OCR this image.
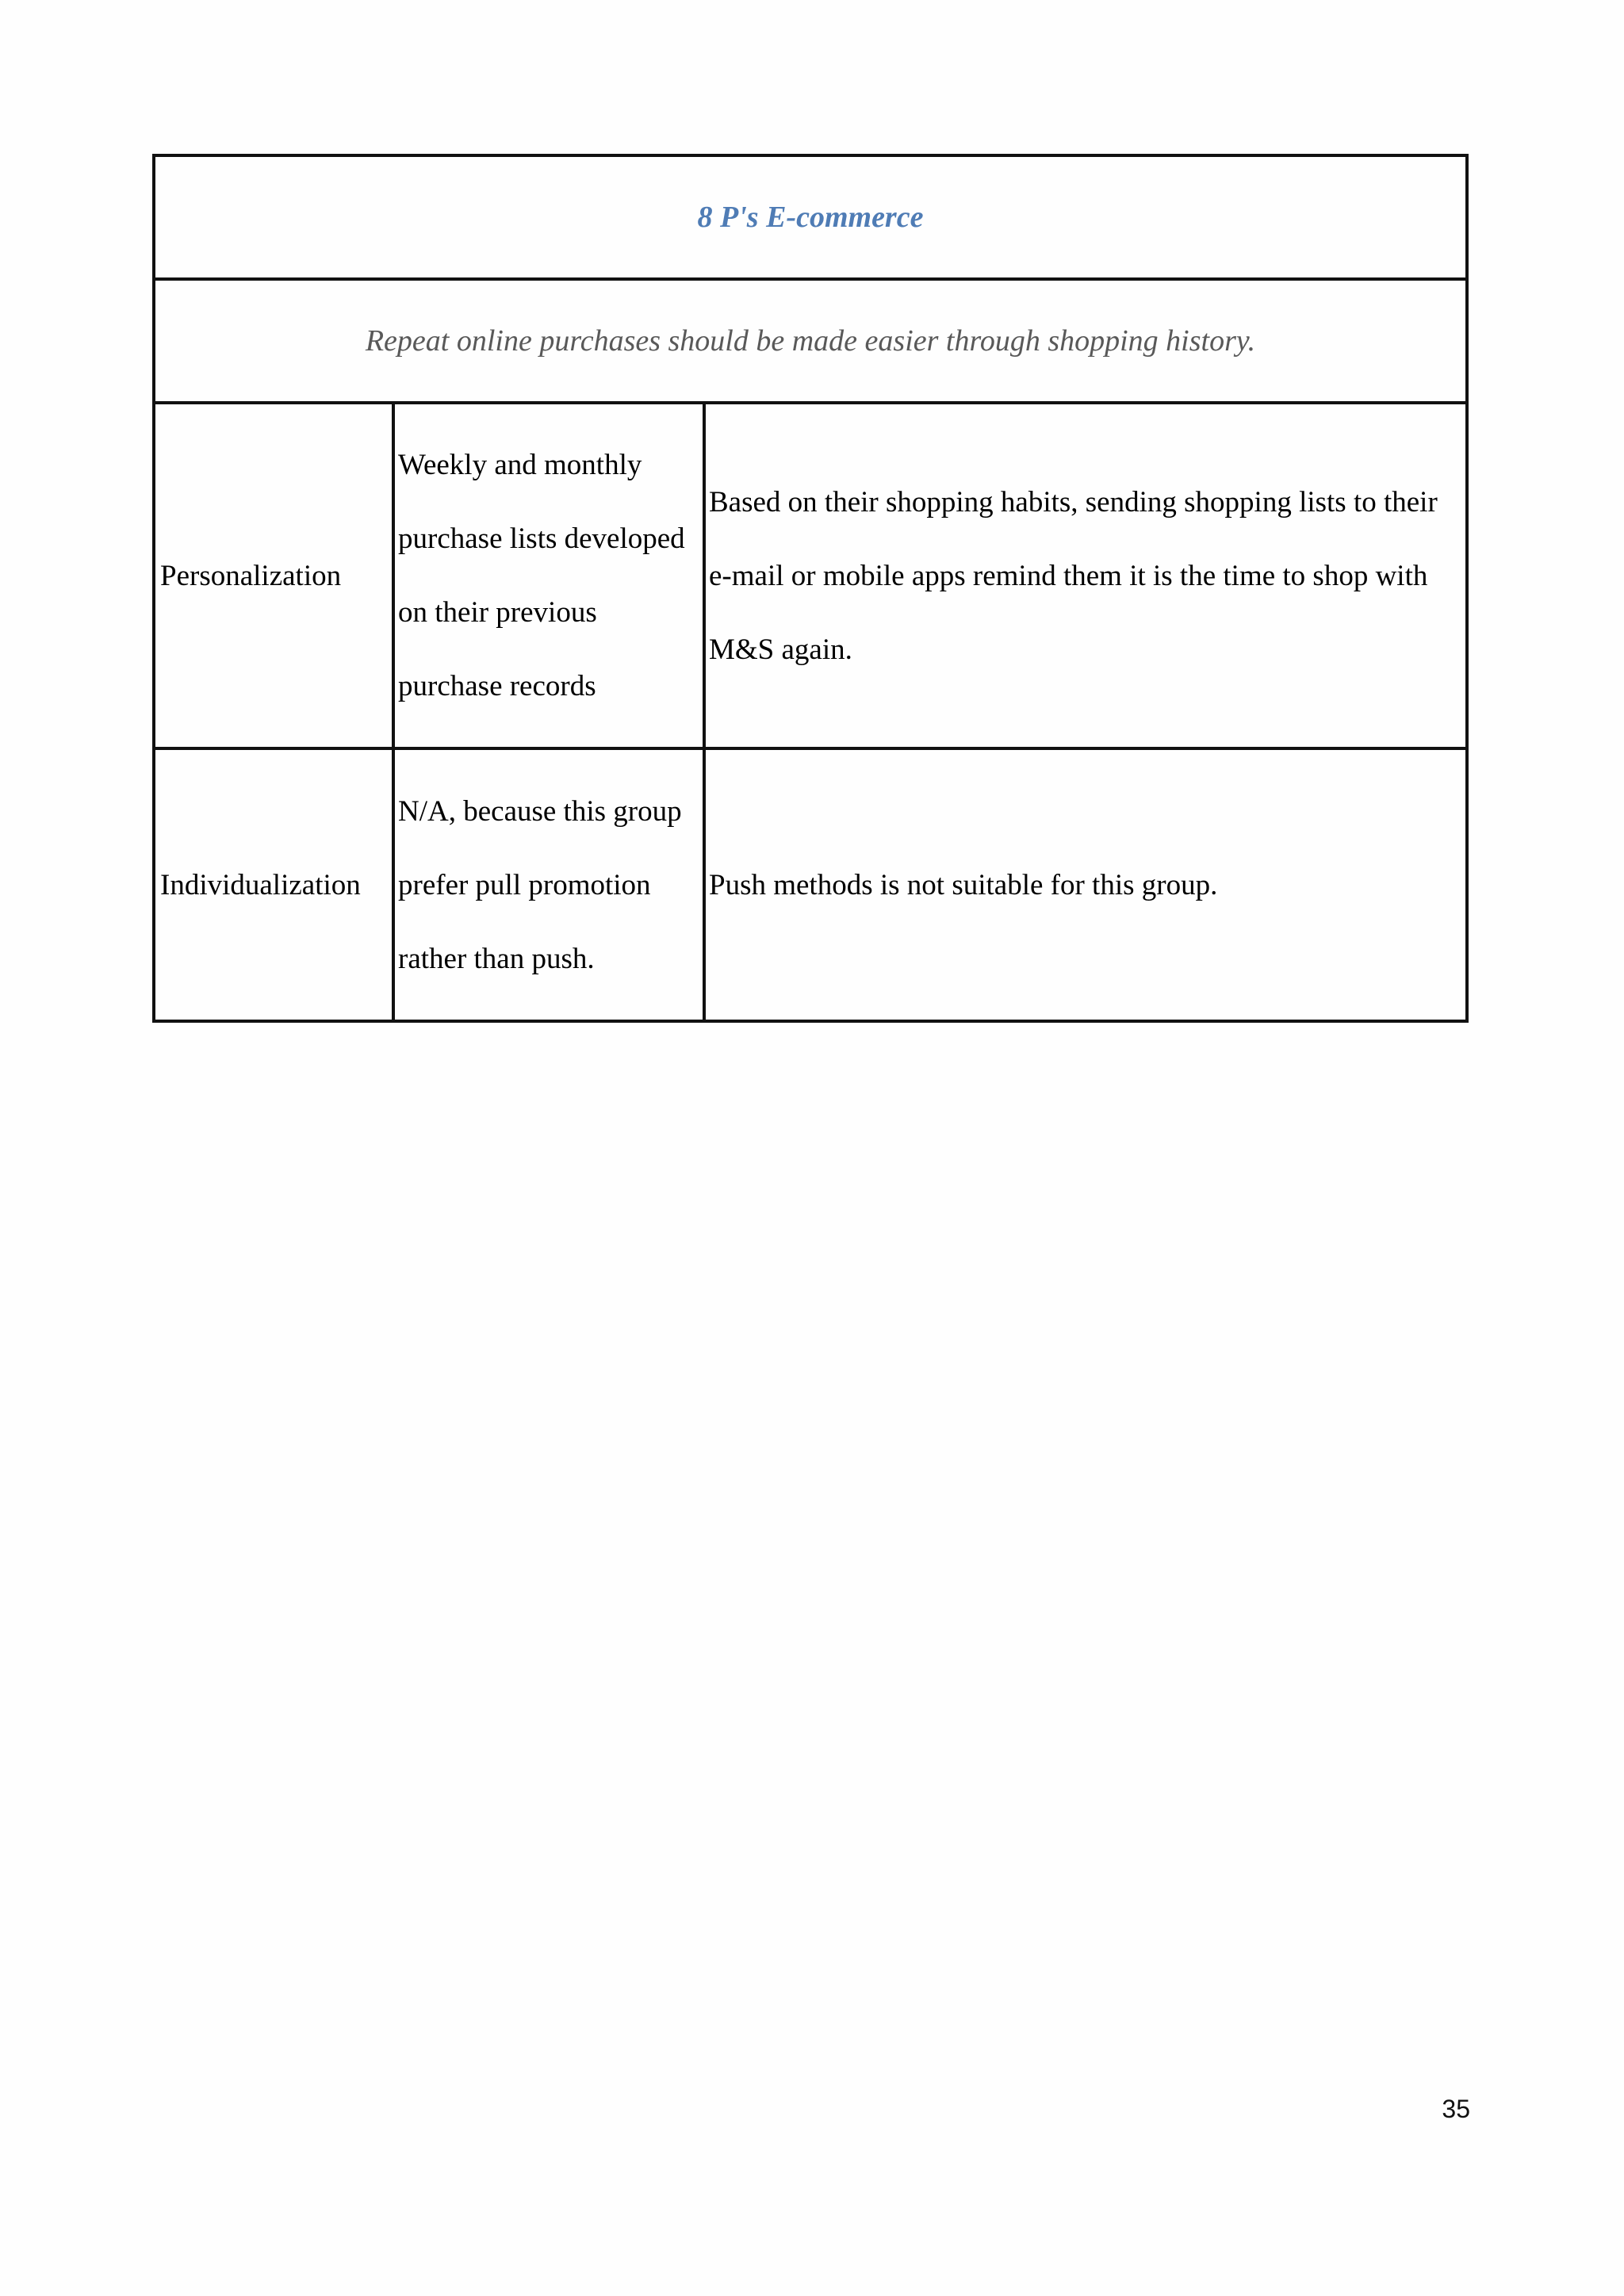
8 P's E-commerce		
Repeat online purchases should be made easier through shopping history.		
Personalization	Weekly and monthly purchase lists developed on their previous purchase records	Based on their shopping habits, sending shopping lists to their e-mail or mobile apps remind them it is the time to shop with M&S again.
Individualization	N/A, because this group prefer pull promotion rather than push.	Push methods is not suitable for this group.
35
